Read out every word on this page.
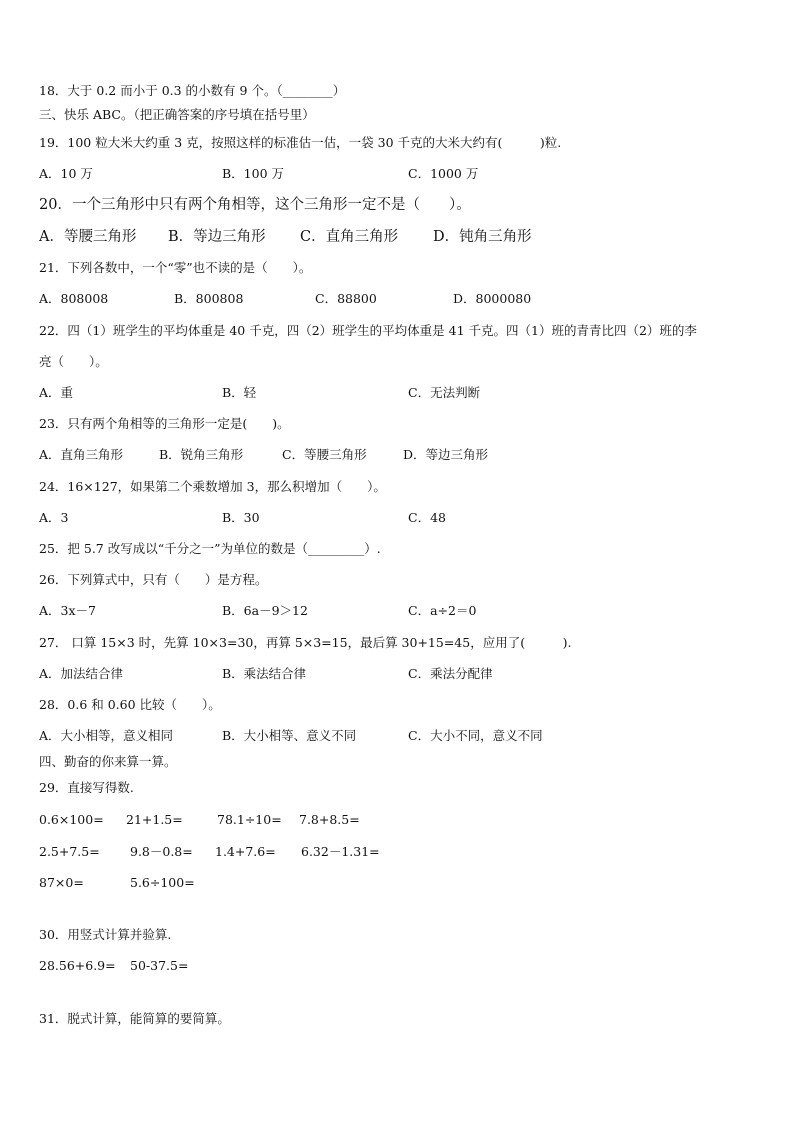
18．大于 0.2 而小于 0.3 的小数有 9 个。（________）
三、快乐 ABC。（把正确答案的序号填在括号里）
19．100 粒大米大约重 3 克，按照这样的标准估一估，一袋 30 千克的大米大约有(　　　)粒.
A．10 万	B．100 万	C．1000 万
20．一个三角形中只有两个角相等，这个三角形一定不是（　　）。
A．等腰三角形 B．等边三角形 C．直角三角形 D．钝角三角形
21．下列各数中，一个“零”也不读的是（　　）。
A．808008	B．800808	C．88800	D．8000080
22．四（1）班学生的平均体重是 40 千克，四（2）班学生的平均体重是 41 千克。四（1）班的青青比四（2）班的李
亮（　　）。
A．重	B．轻	C．无法判断
23．只有两个角相等的三角形一定是(　　)。
A．直角三角形	B．锐角三角形	C．等腰三角形	D．等边三角形
24．16×127，如果第二个乘数增加 3，那么积增加（　　）。
A．3	B．30	C．48
25．把 5.7 改写成以“千分之一”为单位的数是（_________）.
26．下列算式中，只有（　　）是方程。
A．3x－7	B．6a－9＞12	C．a÷2＝0
27． 口算 15×3 时，先算 10×3=30，再算 5×3=15，最后算 30+15=45，应用了(　　　).
A．加法结合律	B．乘法结合律	C．乘法分配律
28．0.6 和 0.60 比较（　　）。
A．大小相等，意义相同	B．大小相等、意义不同	C．大小不同，意义不同
四、勤奋的你来算一算。
29．直接写得数.
0.6×100= 21+1.5=	78.1÷10= 7.8+8.5=
2.5+7.5= 9.8－0.8= 1.4+7.6= 6.32－1.31=
87×0=	5.6÷100=
30．用竖式计算并验算.
28.56+6.9= 50-37.5=
31．脱式计算，能简算的要简算。
